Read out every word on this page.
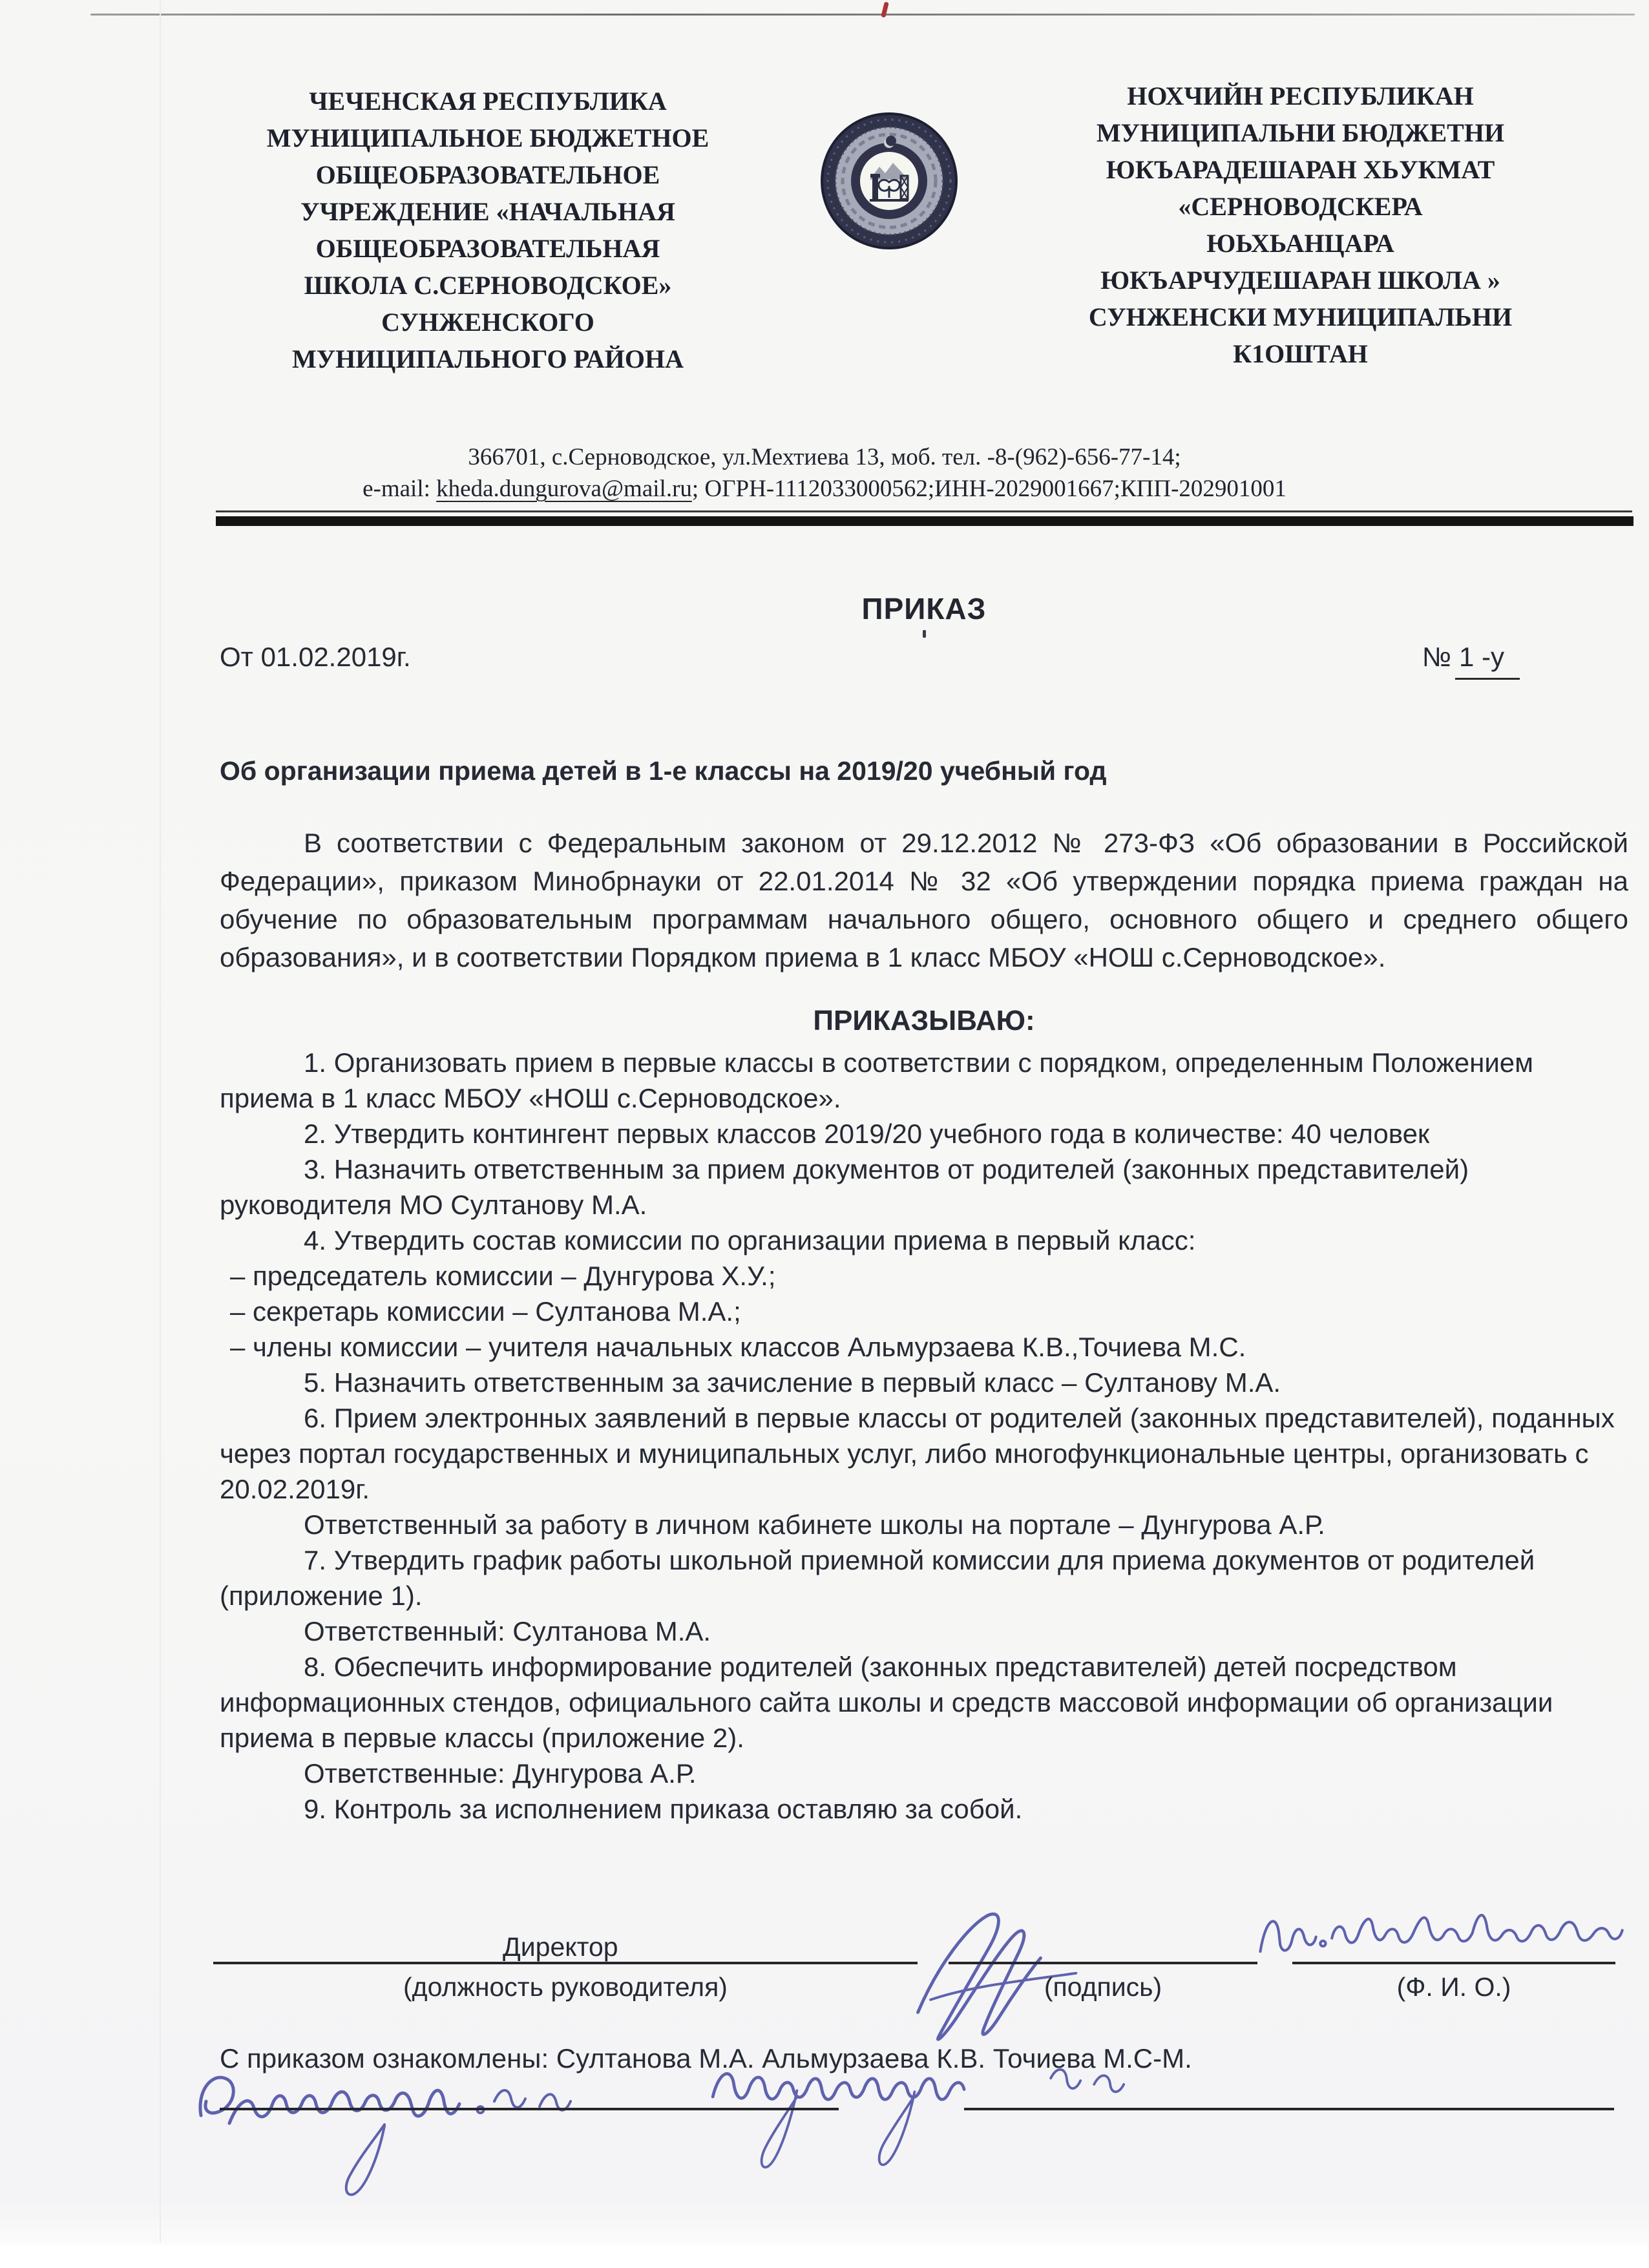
ЧЕЧЕНСКАЯ РЕСПУБЛИКА
МУНИЦИПАЛЬНОЕ БЮДЖЕТНОЕ
ОБЩЕОБРАЗОВАТЕЛЬНОЕ
УЧРЕЖДЕНИЕ «НАЧАЛЬНАЯ
ОБЩЕОБРАЗОВАТЕЛЬНАЯ
ШКОЛА С.СЕРНОВОДСКОЕ»
СУНЖЕНСКОГО
МУНИЦИПАЛЬНОГО РАЙОНА
НОХЧИЙН РЕСПУБЛИКАН
МУНИЦИПАЛЬНИ БЮДЖЕТНИ
ЮКЪАРАДЕШАРАН ХЬУКМАТ
«СЕРНОВОДСКЕРА
ЮЬХЬАНЦАРА
ЮКЪАРЧУДЕШАРАН ШКОЛА »
СУНЖЕНСКИ МУНИЦИПАЛЬНИ
К1ОШТАН
366701, с.Серноводское, ул.Мехтиева 13, моб. тел. -8-(962)-656-77-14;
e-mail: kheda.dungurova@mail.ru; ОГРН-1112033000562;ИНН-2029001667;КПП-202901001
ПРИКАЗ
От 01.02.2019г.	№ 1 -у

Об организации приема детей в 1-е классы на 2019/20 учебный год

В соответствии с Федеральным законом от 29.12.2012 № 273-ФЗ «Об образовании в Российской Федерации», приказом Минобрнауки от 22.01.2014 № 32 «Об утверждении порядка приема граждан на обучение по образовательным программам начального общего, основного общего и среднего общего образования», и в соответствии Порядком приема в 1 класс МБОУ «НОШ с.Серноводское».

ПРИКАЗЫВАЮ:

1. Организовать прием в первые классы в соответствии с порядком, определенным Положением приема в 1 класс МБОУ «НОШ с.Серноводское».

2. Утвердить контингент первых классов 2019/20 учебного года в количестве: 40 человек

3. Назначить ответственным за прием документов от родителей (законных представителей) руководителя МО Султанову М.А.

4. Утвердить состав комиссии по организации приема в первый класс:

– председатель комиссии – Дунгурова Х.У.;

– секретарь комиссии – Султанова М.А.;

– члены комиссии – учителя начальных классов Альмурзаева К.В.,Точиева М.С.

5. Назначить ответственным за зачисление в первый класс – Султанову М.А.

6. Прием электронных заявлений в первые классы от родителей (законных представителей), поданных через портал государственных и муниципальных услуг, либо многофункциональные центры, организовать с 20.02.2019г.

Ответственный за работу в личном кабинете школы на портале – Дунгурова А.Р.

7. Утвердить график работы школьной приемной комиссии для приема документов от родителей (приложение 1).

Ответственный: Султанова М.А.

8. Обеспечить информирование родителей (законных представителей) детей посредством информационных стендов, официального сайта школы и средств массовой информации об организации приема в первые классы (приложение 2).

Ответственные: Дунгурова А.Р.

9. Контроль за исполнением приказа оставляю за собой.

Директор
(должность руководителя)	(подпись)	(Ф. И. О.)
С приказом ознакомлены: Султанова М.А. Альмурзаева К.В. Точиева М.С-М.
